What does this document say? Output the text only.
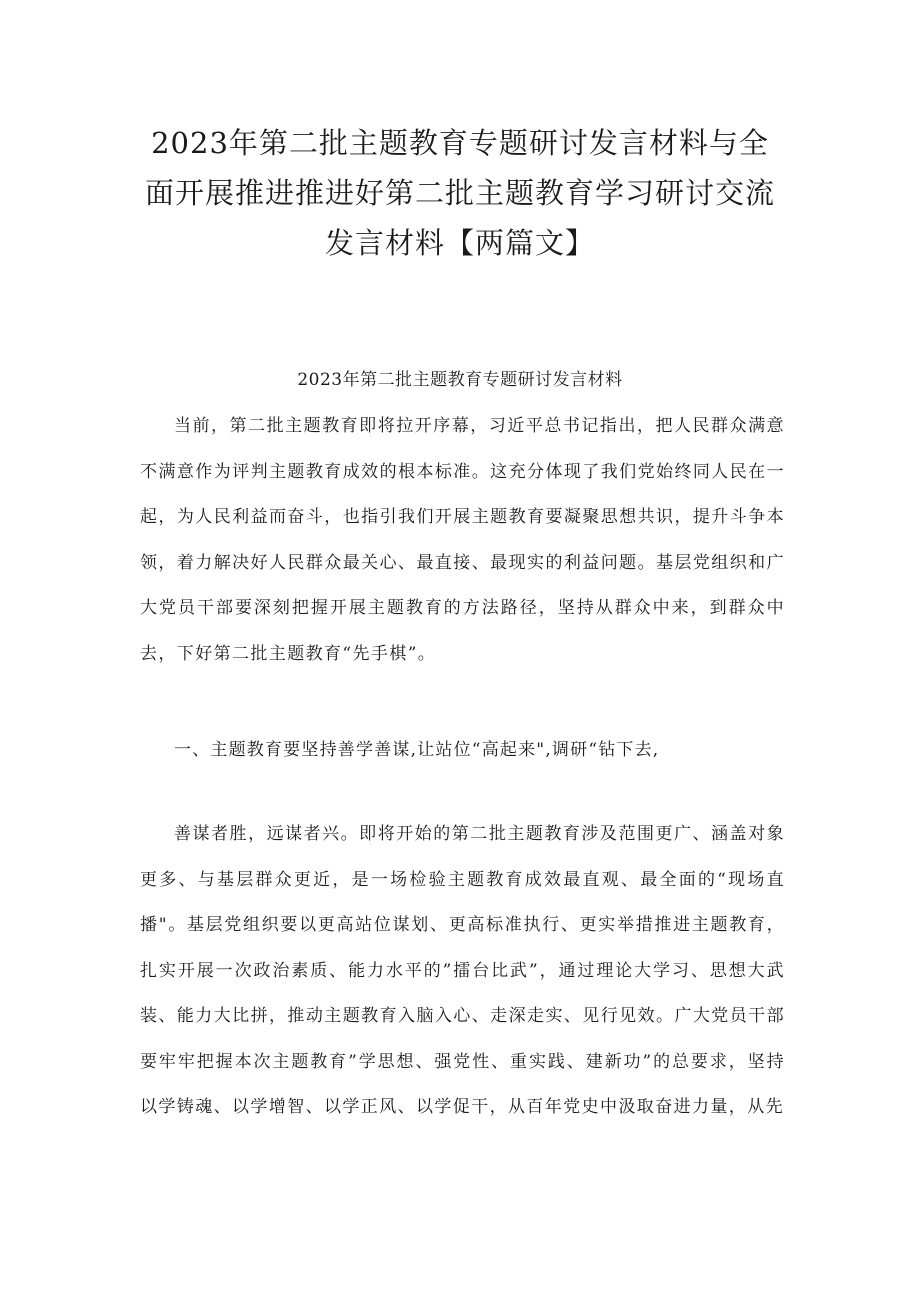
2023年第二批主题教育专题研讨发言材料与全面开展推进推进好第二批主题教育学习研讨交流发言材料【两篇文】
2023年第二批主题教育专题研讨发言材料

当前，第二批主题教育即将拉开序幕，习近平总书记指出，把人民群众满意不满意作为评判主题教育成效的根本标准。这充分体现了我们党始终同人民在一起，为人民利益而奋斗，也指引我们开展主题教育要凝聚思想共识，提升斗争本领，着力解决好人民群众最关心、最直接、最现实的利益问题。基层党组织和广大党员干部要深刻把握开展主题教育的方法路径，坚持从群众中来，到群众中去，下好第二批主题教育“先手棋”。

一、主题教育要坚持善学善谋,让站位“高起来",调研“钻下去,

善谋者胜，远谋者兴。即将开始的第二批主题教育涉及范围更广、涵盖对象更多、与基层群众更近，是一场检验主题教育成效最直观、最全面的“现场直播"。基层党组织要以更高站位谋划、更高标准执行、更实举措推进主题教育，扎实开展一次政治素质、能力水平的”擂台比武”，通过理论大学习、思想大武装、能力大比拼，推动主题教育入脑入心、走深走实、见行见效。广大党员干部要牢牢把握本次主题教育”学思想、强党性、重实践、建新功”的总要求，坚持以学铸魂、以学增智、以学正风、以学促干，从百年党史中汲取奋进力量，从先
